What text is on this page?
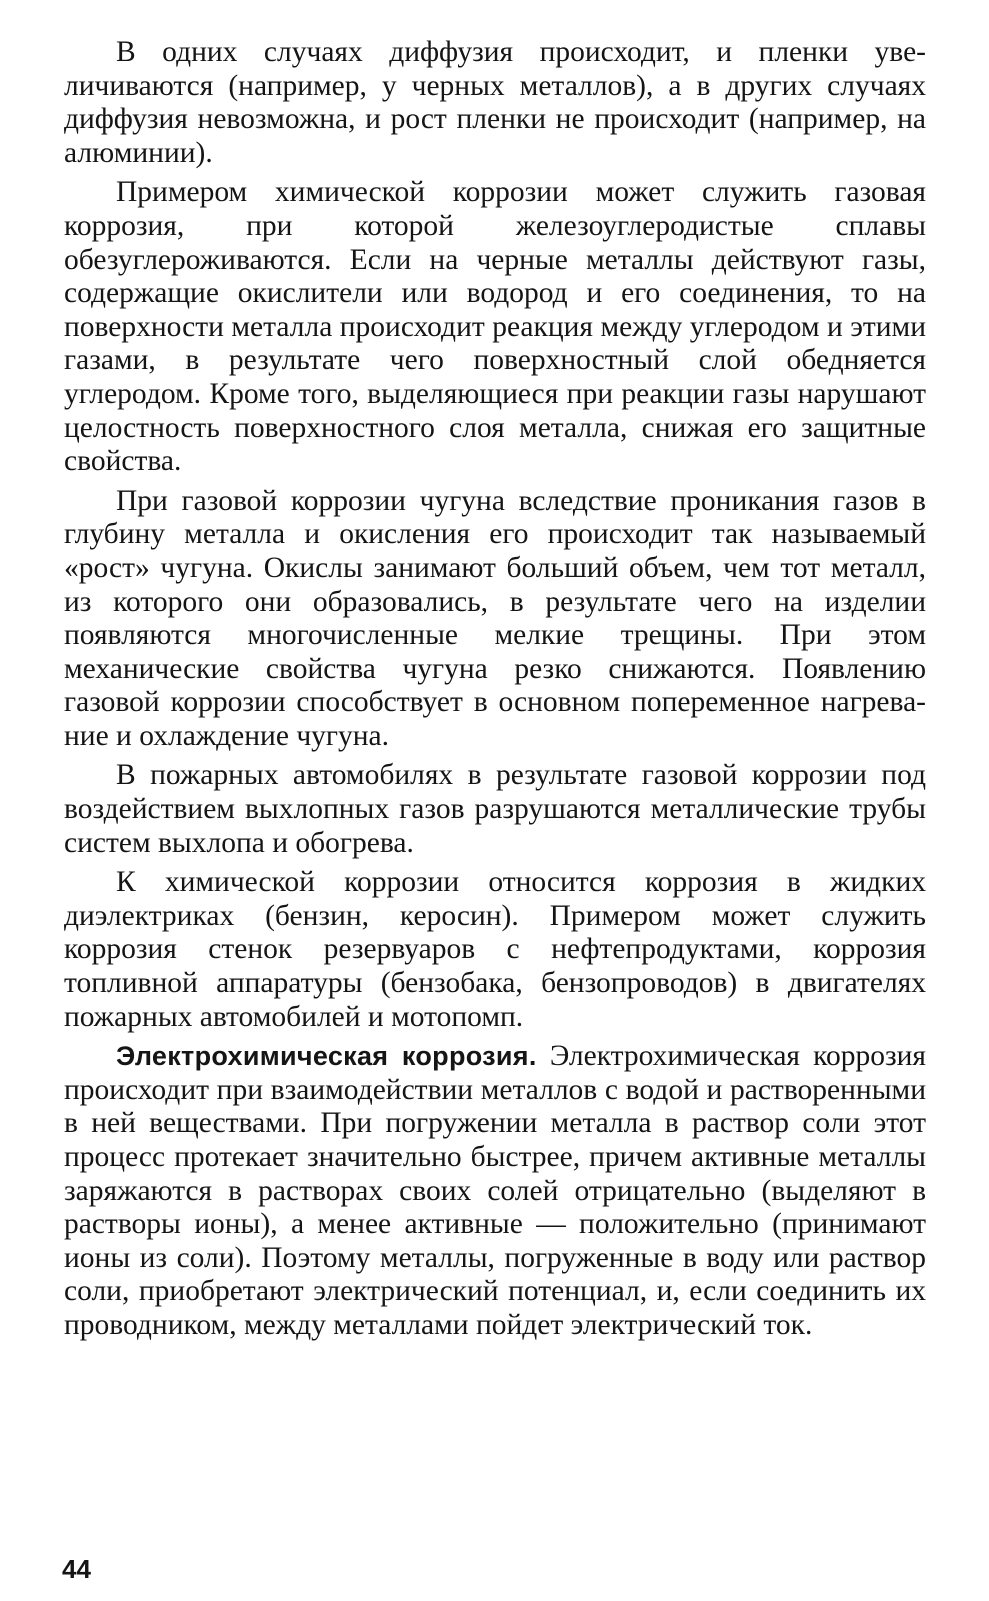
В одних случаях диффузия происходит, и пленки увеличиваются (например, у черных металлов), а в других случаях диффузия невозможна, и рост пленки не происходит (например, на алюминии).

Примером химической коррозии может служить газовая коррозия, при которой железоуглеродистые сплавы обезуглероживаются. Если на черные металлы действуют газы, содержащие окислители или водород и его соединения, то на поверхности металла происходит реакция между углеродом и этими газами, в результате чего поверхностный слой обедняется углеродом. Кроме того, выделяющиеся при реакции газы нарушают целостность поверхностного слоя металла, снижая его защитные свойства.

При газовой коррозии чугуна вследствие проникания газов в глубину металла и окисления его происходит так называемый «рост» чугуна. Окислы занимают больший объем, чем тот металл, из которого они образовались, в результате чего на изделии появляются многочисленные мелкие трещины. При этом механические свойства чугуна резко снижаются. Появлению газовой коррозии способствует в основном попеременное нагревание и охлаждение чугуна.

В пожарных автомобилях в результате газовой коррозии под воздействием выхлопных газов разрушаются металлические трубы систем выхлопа и обогрева.

К химической коррозии относится коррозия в жидких диэлектриках (бензин, керосин). Примером может служить коррозия стенок резервуаров с нефтепродуктами, коррозия топливной аппаратуры (бензобака, бензопроводов) в двигателях пожарных автомобилей и мотопомп.

Электрохимическая коррозия. Электрохимическая коррозия происходит при взаимодействии металлов с водой и растворенными в ней веществами. При погружении металла в раствор соли этот процесс протекает значительно быстрее, причем активные металлы заряжаются в растворах своих солей отрицательно (выделяют в растворы ионы), а менее активные — положительно (принимают ионы из соли). Поэтому металлы, погруженные в воду или раствор соли, приобретают электрический потенциал, и, если соединить их проводником, между металлами пойдет электрический ток.

44
